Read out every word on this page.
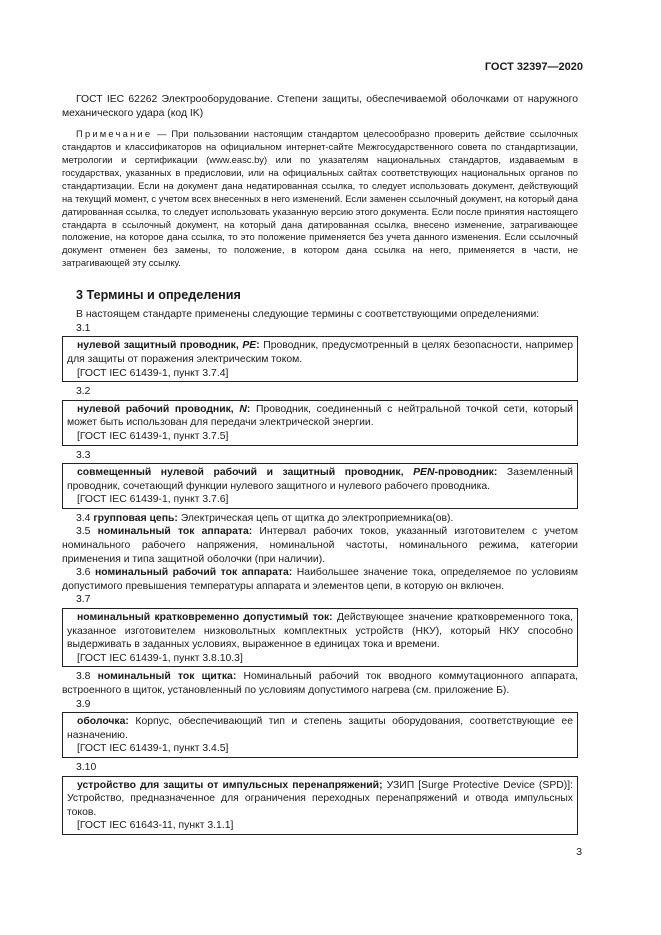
ГОСТ 32397—2020

ГОСТ IEC 62262 Электрооборудование. Степени защиты, обеспечиваемой оболочками от наружного механического удара (код IK)

Примечание — При пользовании настоящим стандартом целесообразно проверить действие ссылочных стандартов и классификаторов на официальном интернет-сайте Межгосударственного совета по стандартизации, метрологии и сертификации (www.easc.by) или по указателям национальных стандартов, издаваемым в государствах, указанных в предисловии, или на официальных сайтах соответствующих национальных органов по стандартизации. Если на документ дана недатированная ссылка, то следует использовать документ, действующий на текущий момент, с учетом всех внесенных в него изменений. Если заменен ссылочный документ, на который дана датированная ссылка, то следует использовать указанную версию этого документа. Если после принятия настоящего стандарта в ссылочный документ, на который дана датированная ссылка, внесено изменение, затрагивающее положение, на которое дана ссылка, то это положение применяется без учета данного изменения. Если ссылочный документ отменен без замены, то положение, в котором дана ссылка на него, применяется в части, не затрагивающей эту ссылку.

3 Термины и определения

В настоящем стандарте применены следующие термины с соответствующими определениями:

3.1

нулевой защитный проводник, PE: Проводник, предусмотренный в целях безопасности, например для защиты от поражения электрическим током.

[ГОСТ IEC 61439-1, пункт 3.7.4]

3.2

нулевой рабочий проводник, N: Проводник, соединенный с нейтральной точкой сети, который может быть использован для передачи электрической энергии.

[ГОСТ IEC 61439-1, пункт 3.7.5]

3.3

совмещенный нулевой рабочий и защитный проводник, PEN-проводник: Заземленный проводник, сочетающий функции нулевого защитного и нулевого рабочего проводника.

[ГОСТ IEC 61439-1, пункт 3.7.6]

3.4 групповая цепь: Электрическая цепь от щитка до электроприемника(ов).

3.5 номинальный ток аппарата: Интервал рабочих токов, указанный изготовителем с учетом номинального рабочего напряжения, номинальной частоты, номинального режима, категории применения и типа защитной оболочки (при наличии).

3.6 номинальный рабочий ток аппарата: Наибольшее значение тока, определяемое по условиям допустимого превышения температуры аппарата и элементов цепи, в которую он включен.

3.7

номинальный кратковременно допустимый ток: Действующее значение кратковременного тока, указанное изготовителем низковольтных комплектных устройств (НКУ), который НКУ способно выдерживать в заданных условиях, выраженное в единицах тока и времени.

[ГОСТ IEC 61439-1, пункт 3.8.10.3]

3.8 номинальный ток щитка: Номинальный рабочий ток вводного коммутационного аппарата, встроенного в щиток, установленный по условиям допустимого нагрева (см. приложение Б).

3.9

оболочка: Корпус, обеспечивающий тип и степень защиты оборудования, соответствующие ее назначению.

[ГОСТ IEC 61439-1, пункт 3.4.5]

3.10

устройство для защиты от импульсных перенапряжений; УЗИП [Surge Protective Device (SPD)]: Устройство, предназначенное для ограничения переходных перенапряжений и отвода импульсных токов.

[ГОСТ IEC 61643-11, пункт 3.1.1]

3
